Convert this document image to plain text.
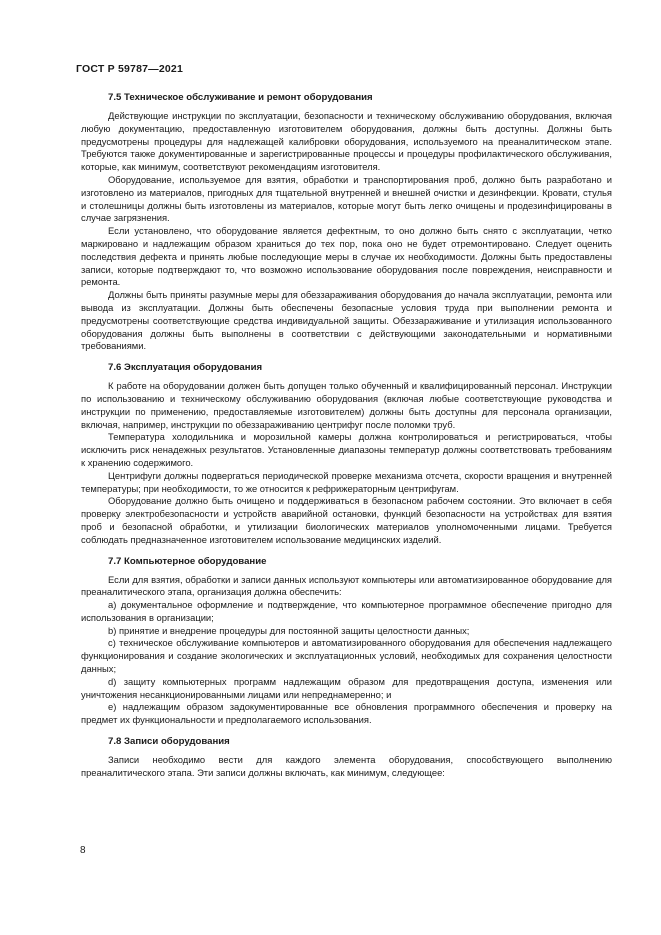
ГОСТ Р 59787—2021
7.5 Техническое обслуживание и ремонт оборудования

Действующие инструкции по эксплуатации, безопасности и техническому обслуживанию оборудования, включая любую документацию, предоставленную изготовителем оборудования, должны быть доступны. Должны быть предусмотрены процедуры для надлежащей калибровки оборудования, используемого на преаналитическом этапе. Требуются также документированные и зарегистрированные процессы и процедуры профилактического обслуживания, которые, как минимум, соответствуют рекомендациям изготовителя.

Оборудование, используемое для взятия, обработки и транспортирования проб, должно быть разработано и изготовлено из материалов, пригодных для тщательной внутренней и внешней очистки и дезинфекции. Кровати, стулья и столешницы должны быть изготовлены из материалов, которые могут быть легко очищены и продезинфицированы в случае загрязнения.

Если установлено, что оборудование является дефектным, то оно должно быть снято с эксплуатации, четко маркировано и надлежащим образом храниться до тех пор, пока оно не будет отремонтировано. Следует оценить последствия дефекта и принять любые последующие меры в случае их необходимости. Должны быть предоставлены записи, которые подтверждают то, что возможно использование оборудования после повреждения, неисправности и ремонта.

Должны быть приняты разумные меры для обеззараживания оборудования до начала эксплуатации, ремонта или вывода из эксплуатации. Должны быть обеспечены безопасные условия труда при выполнении ремонта и предусмотрены соответствующие средства индивидуальной защиты. Обеззараживание и утилизация использованного оборудования должны быть выполнены в соответствии с действующими законодательными и нормативными требованиями.

7.6 Эксплуатация оборудования

К работе на оборудовании должен быть допущен только обученный и квалифицированный персонал. Инструкции по использованию и техническому обслуживанию оборудования (включая любые соответствующие руководства и инструкции по применению, предоставляемые изготовителем) должны быть доступны для персонала организации, включая, например, инструкции по обеззараживанию центрифуг после поломки труб.

Температура холодильника и морозильной камеры должна контролироваться и регистрироваться, чтобы исключить риск ненадежных результатов. Установленные диапазоны температур должны соответствовать требованиям к хранению содержимого.

Центрифуги должны подвергаться периодической проверке механизма отсчета, скорости вращения и внутренней температуры; при необходимости, то же относится к рефрижераторным центрифугам.

Оборудование должно быть очищено и поддерживаться в безопасном рабочем состоянии. Это включает в себя проверку электробезопасности и устройств аварийной остановки, функций безопасности на устройствах для взятия проб и безопасной обработки, и утилизации биологических материалов уполномоченными лицами. Требуется соблюдать предназначенное изготовителем использование медицинских изделий.

7.7 Компьютерное оборудование

Если для взятия, обработки и записи данных используют компьютеры или автоматизированное оборудование для преаналитического этапа, организация должна обеспечить:

а) документальное оформление и подтверждение, что компьютерное программное обеспечение пригодно для использования в организации;

b) принятие и внедрение процедуры для постоянной защиты целостности данных;

c) техническое обслуживание компьютеров и автоматизированного оборудования для обеспечения надлежащего функционирования и создание экологических и эксплуатационных условий, необходимых для сохранения целостности данных;

d) защиту компьютерных программ надлежащим образом для предотвращения доступа, изменения или уничтожения несанкционированными лицами или непреднамеренно; и

e) надлежащим образом задокументированные все обновления программного обеспечения и проверку на предмет их функциональности и предполагаемого использования.

7.8 Записи оборудования

Записи необходимо вести для каждого элемента оборудования, способствующего выполнению преаналитического этапа. Эти записи должны включать, как минимум, следующее:

8
